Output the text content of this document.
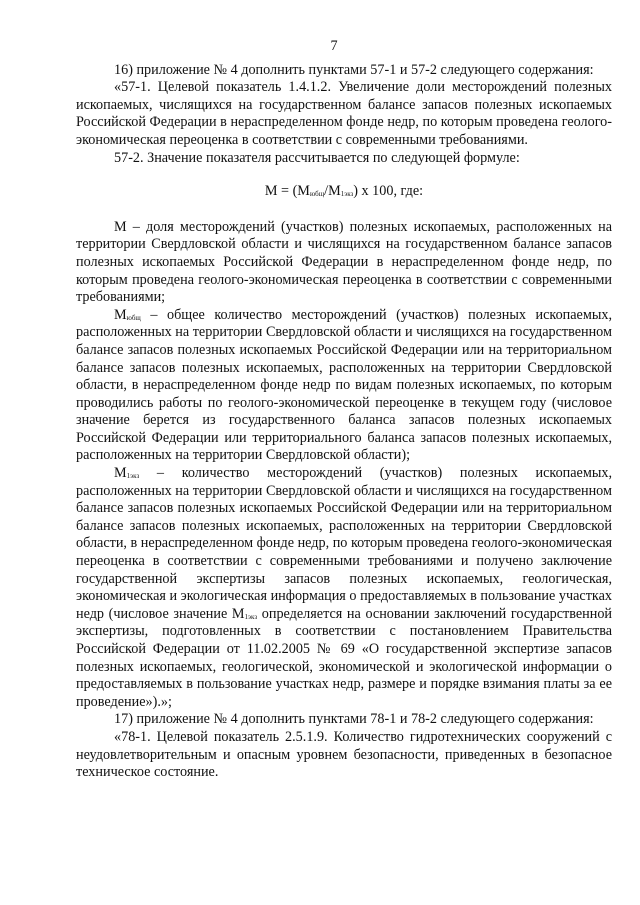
7

16) приложение № 4 дополнить пунктами 57-1 и 57-2 следующего содержания:

«57-1. Целевой показатель 1.4.1.2. Увеличение доли месторождений полезных ископаемых, числящихся на государственном балансе запасов полезных ископаемых Российской Федерации в нераспределенном фонде недр, по которым проведена геолого-экономическая переоценка в соответствии с современными требованиями.

57-2. Значение показателя рассчитывается по следующей формуле:

$М = (М_{юбщ}/М_{1экз})$ x 100, где:

М – доля месторождений (участков) полезных ископаемых, расположенных на территории Свердловской области и числящихся на государственном балансе запасов полезных ископаемых Российской Федерации в нераспределенном фонде недр, по которым проведена геолого-экономическая переоценка в соответствии с современными требованиями;

$М_{юбщ}$ – общее количество месторождений (участков) полезных ископаемых, расположенных на территории Свердловской области и числящихся на государственном балансе запасов полезных ископаемых Российской Федерации или на территориальном балансе запасов полезных ископаемых, расположенных на территории Свердловской области, в нераспределенном фонде недр по видам полезных ископаемых, по которым проводились работы по геолого-экономической переоценке в текущем году (числовое значение берется из государственного баланса запасов полезных ископаемых Российской Федерации или территориального баланса запасов полезных ископаемых, расположенных на территории Свердловской области);

$М_{1экз}$ – количество месторождений (участков) полезных ископаемых, расположенных на территории Свердловской области и числящихся на государственном балансе запасов полезных ископаемых Российской Федерации или на территориальном балансе запасов полезных ископаемых, расположенных на территории Свердловской области, в нераспределенном фонде недр, по которым проведена геолого-экономическая переоценка в соответствии с современными требованиями и получено заключение государственной экспертизы запасов полезных ископаемых, геологическая, экономическая и экологическая информация о предоставляемых в пользование участках недр (числовое значение $М_{1экз}$ определяется на основании заключений государственной экспертизы, подготовленных в соответствии с постановлением Правительства Российской Федерации от 11.02.2005 № 69 «О государственной экспертизе запасов полезных ископаемых, геологической, экономической и экологической информации о предоставляемых в пользование участках недр, размере и порядке взимания платы за ее проведение»).»;

17) приложение № 4 дополнить пунктами 78-1 и 78-2 следующего содержания:

«78-1. Целевой показатель 2.5.1.9. Количество гидротехнических сооружений с неудовлетворительным и опасным уровнем безопасности, приведенных в безопасное техническое состояние.
